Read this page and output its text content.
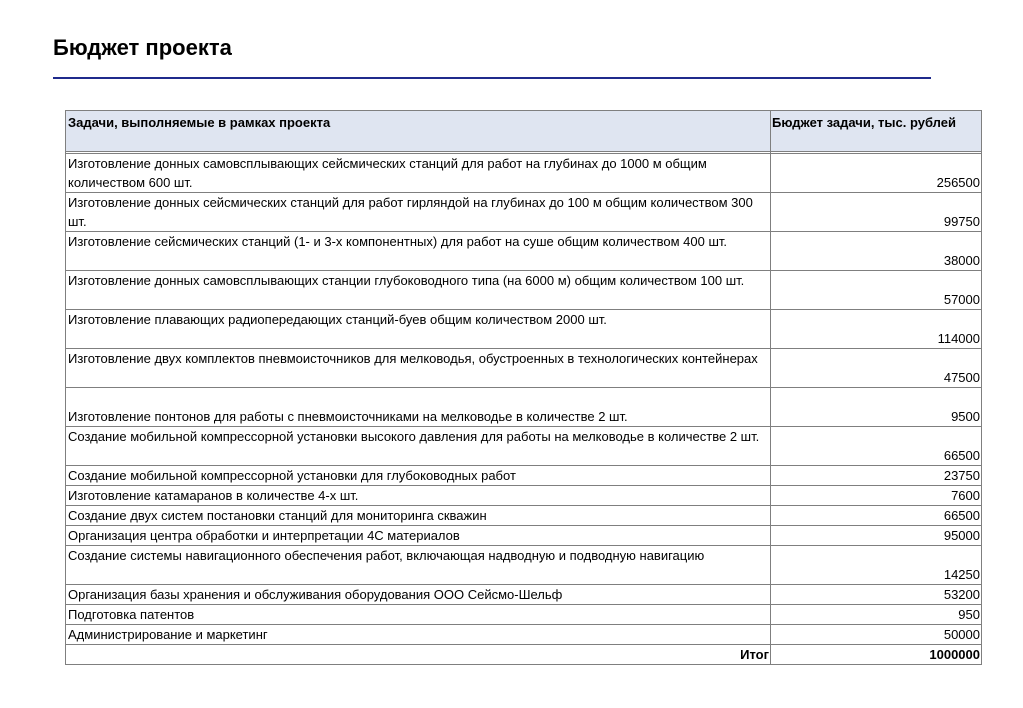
Бюджет проекта
Задачи, выполняемые в рамках проекта	Бюджет задачи, тыс. рублей

Изготовление донных самовсплывающих сейсмических станций для работ на глубинах до 1000 м общим количеством 600 шт.	256500
Изготовление донных сейсмических станций для работ гирляндой на глубинах до 100 м общим количеством 300 шт.	99750
Изготовление сейсмических станций (1- и 3-х компонентных) для работ на суше общим количеством 400 шт.	38000
Изготовление донных самовсплывающих станции глубоководного типа (на 6000 м) общим количеством 100 шт.	57000
Изготовление плавающих радиопередающих станций-буев общим количеством 2000 шт.	114000
Изготовление двух комплектов пневмоисточников для мелководья, обустроенных в технологических контейнерах	47500
Изготовление понтонов для работы с пневмоисточниками на мелководье в количестве 2 шт.	9500
Создание мобильной компрессорной установки высокого давления для работы на мелководье в количестве 2 шт.	66500
Создание мобильной компрессорной установки для глубоководных работ	23750
Изготовление катамаранов в количестве 4-х шт.	7600
Создание двух систем постановки станций для мониторинга скважин	66500
Организация центра обработки и интерпретации 4С материалов	95000
Создание системы навигационного обеспечения работ, включающая надводную и подводную навигацию	14250
Организация базы хранения и обслуживания оборудования ООО Сейсмо-Шельф	53200
Подготовка патентов	950
Администрирование и маркетинг	50000
Итог	1000000
